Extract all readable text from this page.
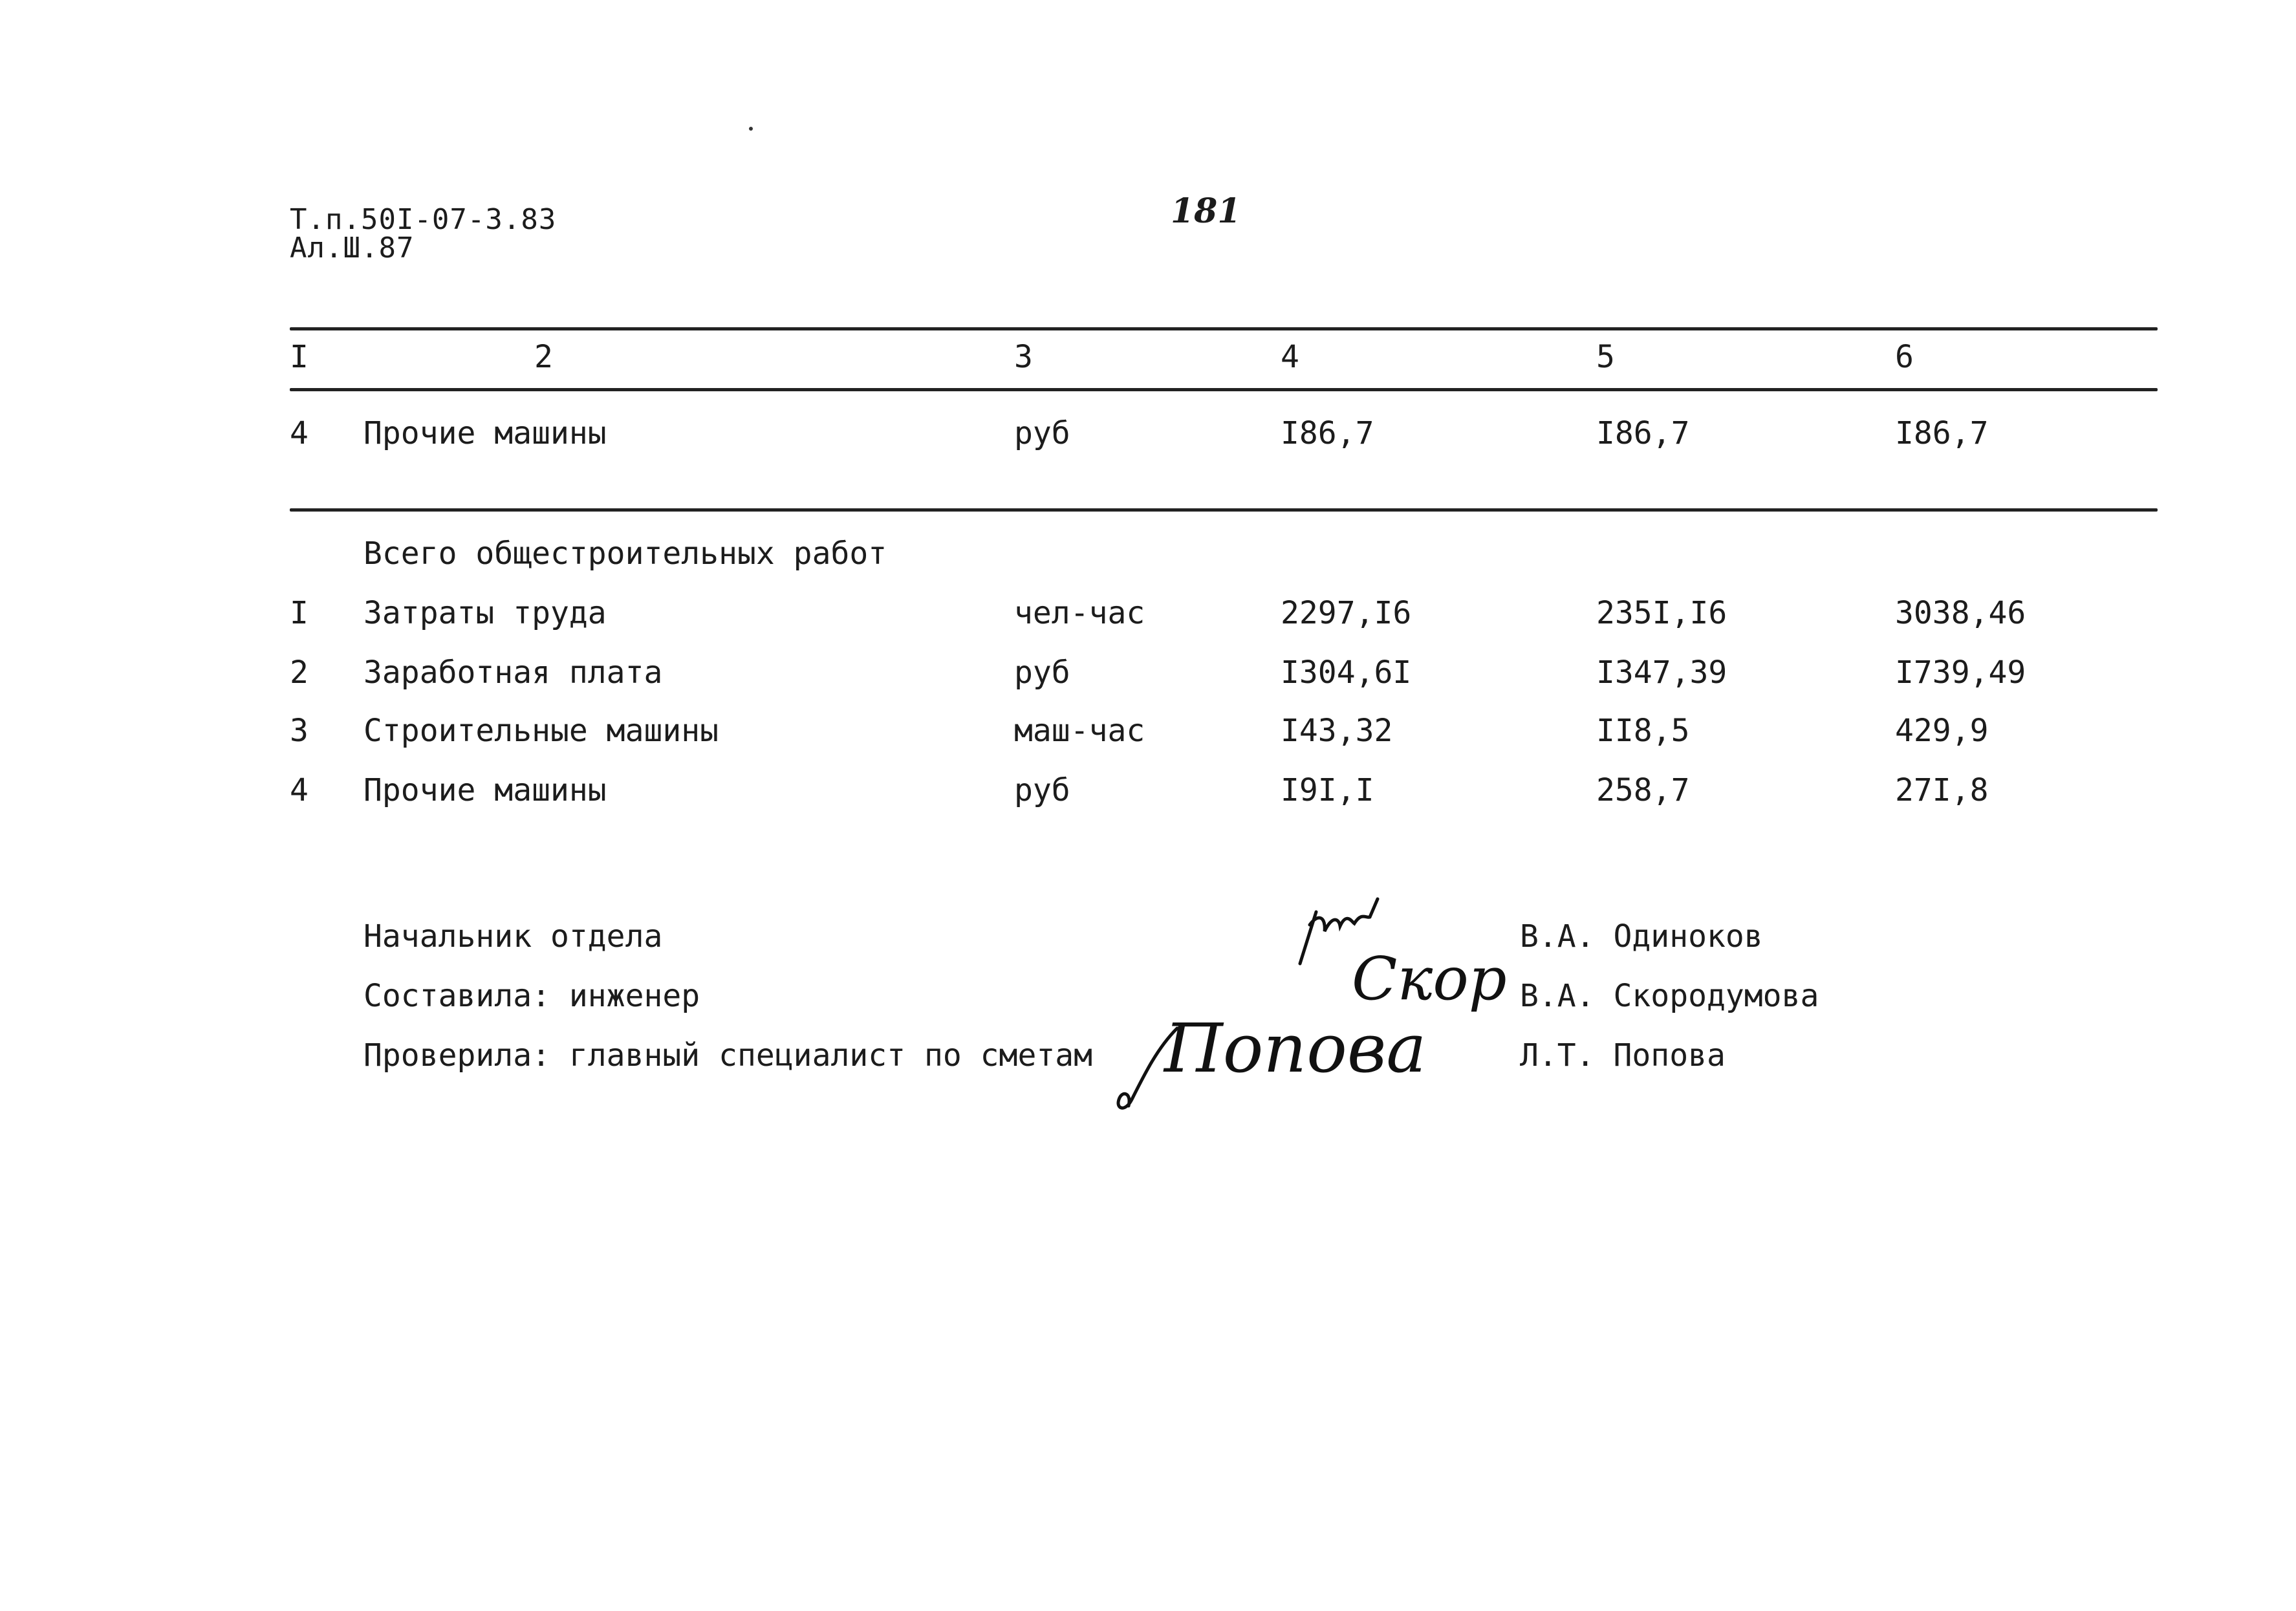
Т.п.50I-07-3.83
Ал.Ш.87
181
I	2	3	4	5	6
4 Прочие машины	руб	I86,7	I86,7	I86,7
Всего общестроительных работ
I Затраты труда	чел-час	2297,I6	235I,I6	3038,46
2 Заработная плата	руб	I304,6I	I347,39	I739,49
3 Строительные машины	маш-час	I43,32	II8,5	429,9
4 Прочие машины	руб	I9I,I	258,7	27I,8
Начальник отдела	В.А. Одиноков
Составила: инженер	В.А. Скородумова
Проверила: главный специалист по сметам	Л.Т. Попова
Скор
Попова
